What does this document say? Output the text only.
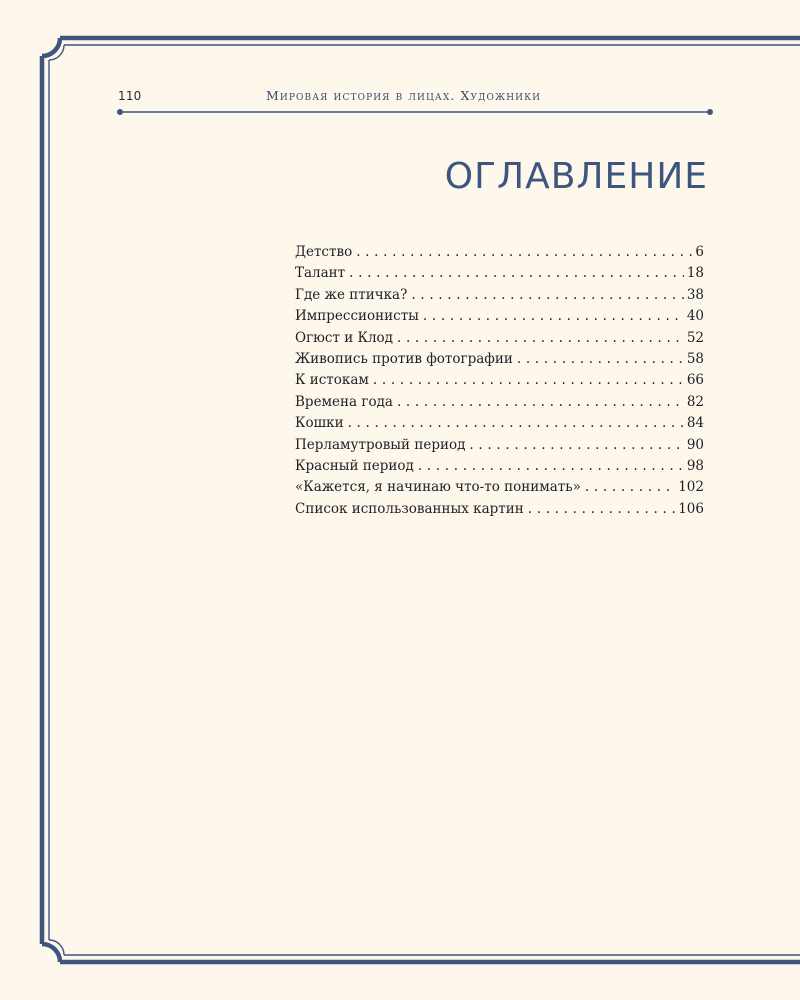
110	Мировая история в лицах. Художники
ОГЛАВЛЕНИЕ
Детство . . .	6
Талант . . .	18
Где же птичка? . . .	38
Импрессионисты . . .	40
Огюст и Клод . . .	52
Живопись против фотографии . . .	58
К истокам . . .	66
Времена года . . .	82
Кошки . . .	84
Перламутровый период . . .	90
Красный период . . .	98
«Кажется, я начинаю что-то понимать» . . .	102
Список использованных картин . . .	106
